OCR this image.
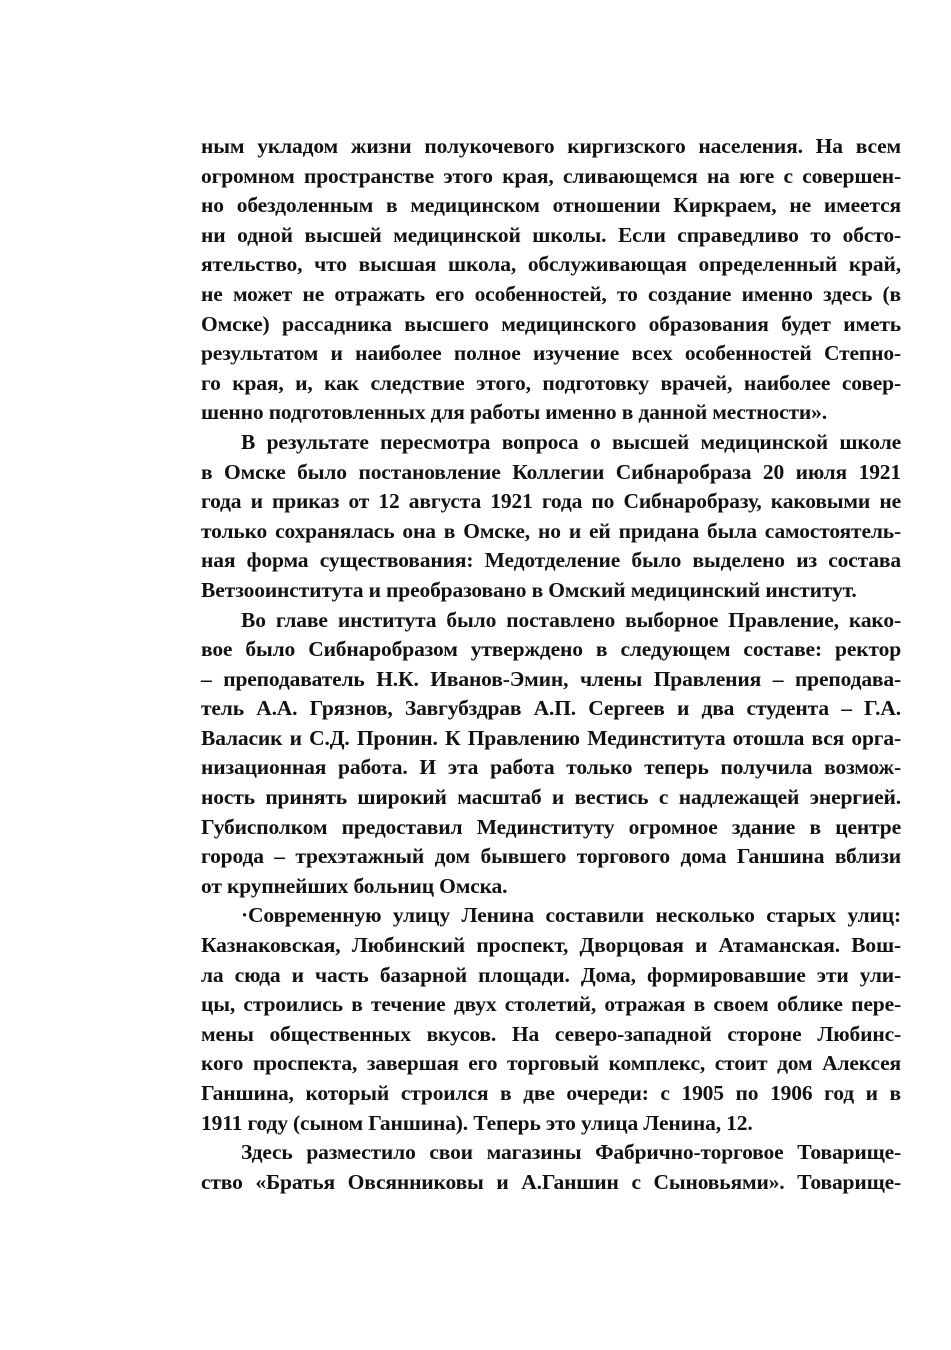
ным укладом жизни полукочевого киргизского населения. На всем
огромном пространстве этого края, сливающемся на юге с совершен-
но обездоленным в медицинском отношении Киркраем, не имеется
ни одной высшей медицинской школы. Если справедливо то обсто-
ятельство, что высшая школа, обслуживающая определенный край,
не может не отражать его особенностей, то создание именно здесь (в
Омске) рассадника высшего медицинского образования будет иметь
результатом и наиболее полное изучение всех особенностей Степно-
го края, и, как следствие этого, подготовку врачей, наиболее совер-
шенно подготовленных для работы именно в данной местности».
В результате пересмотра вопроса о высшей медицинской школе
в Омске было постановление Коллегии Сибнаробраза 20 июля 1921
года и приказ от 12 августа 1921 года по Сибнаробразу, каковыми не
только сохранялась она в Омске, но и ей придана была самостоятель-
ная форма существования: Медотделение было выделено из состава
Ветзооинститута и преобразовано в Омский медицинский институт.
Во главе института было поставлено выборное Правление, како-
вое было Сибнаробразом утверждено в следующем составе: ректор
– преподаватель Н.К. Иванов-Эмин, члены Правления – преподава-
тель А.А. Грязнов, Завгубздрав А.П. Сергеев и два студента – Г.А.
Валасик и С.Д. Пронин. К Правлению Мединститута отошла вся орга-
низационная работа. И эта работа только теперь получила возмож-
ность принять широкий масштаб и вестись с надлежащей энергией.
Губисполком предоставил Мединституту огромное здание в центре
города – трехэтажный дом бывшего торгового дома Ганшина вблизи
от крупнейших больниц Омска.
·Современную улицу Ленина составили несколько старых улиц:
Казнаковская, Любинский проспект, Дворцовая и Атаманская. Вош-
ла сюда и часть базарной площади. Дома, формировавшие эти ули-
цы, строились в течение двух столетий, отражая в своем облике пере-
мены общественных вкусов. На северо-западной стороне Любинс-
кого проспекта, завершая его торговый комплекс, стоит дом Алексея
Ганшина, который строился в две очереди: с 1905 по 1906 год и в
1911 году (сыном Ганшина). Теперь это улица Ленина, 12.
Здесь разместило свои магазины Фабрично-торговое Товарище-
ство «Братья Овсянниковы и А.Ганшин с Сыновьями». Товарище-
